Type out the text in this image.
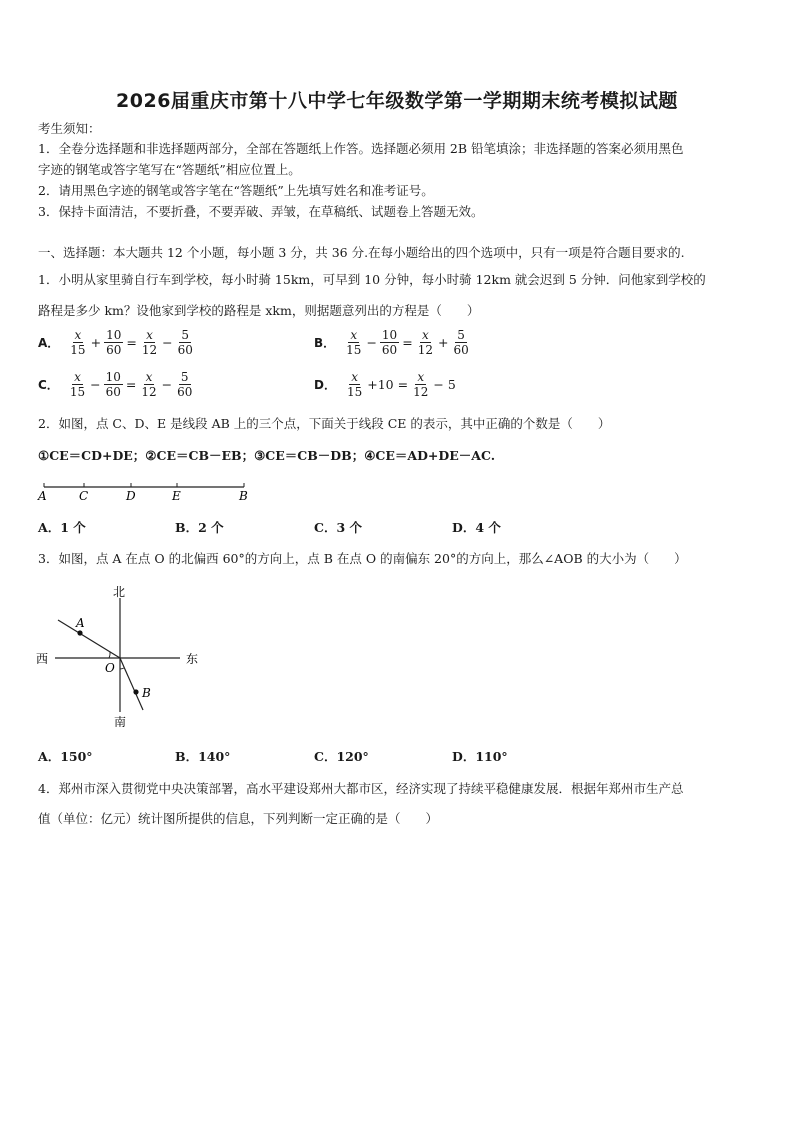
2026届重庆市第十八中学七年级数学第一学期期末统考模拟试题
考生须知：
1．全卷分选择题和非选择题两部分，全部在答题纸上作答。选择题必须用 2B 铅笔填涂；非选择题的答案必须用黑色
字迹的钢笔或答字笔写在“答题纸”相应位置上。
2．请用黑色字迹的钢笔或答字笔在“答题纸”上先填写姓名和准考证号。
3．保持卡面清洁，不要折叠，不要弄破、弄皱，在草稿纸、试题卷上答题无效。
一、选择题：本大题共 12 个小题，每小题 3 分，共 36 分.在每小题给出的四个选项中，只有一项是符合题目要求的.
1．小明从家里骑自行车到学校，每小时骑 15km，可早到 10 分钟，每小时骑 12km 就会迟到 5 分钟．问他家到学校的
路程是多少 km？设他家到学校的路程是 xkm，则据题意列出的方程是（　　）
A． $\frac{x}{15} + \frac{10}{60} = \frac{x}{12} - \frac{5}{60}$	B． $\frac{x}{15} - \frac{10}{60} = \frac{x}{12} + \frac{5}{60}$
C． $\frac{x}{15} - \frac{10}{60} = \frac{x}{12} - \frac{5}{60}$	D． $\frac{x}{15} +10 = \frac{x}{12} - 5$
2．如图，点 C、D、E 是线段 AB 上的三个点，下面关于线段 CE 的表示，其中正确的个数是（　　）
①CE＝CD+DE；②CE＝CB－EB；③CE＝CB－DB；④CE＝AD+DE－AC.
A	C	D	E	B
A．1 个	B．2 个	C．3 个	D．4 个
3．如图，点 A 在点 O 的北偏西 60°的方向上，点 B 在点 O 的南偏东 20°的方向上，那么∠AOB 的大小为（　　）
北
南
西	东
A
B
O
A．150°	B．140°	C．120°	D．110°
4．郑州市深入贯彻党中央决策部署，高水平建设郑州大都市区，经济实现了持续平稳健康发展．根据年郑州市生产总
值（单位：亿元）统计图所提供的信息，下列判断一定正确的是（　　）
